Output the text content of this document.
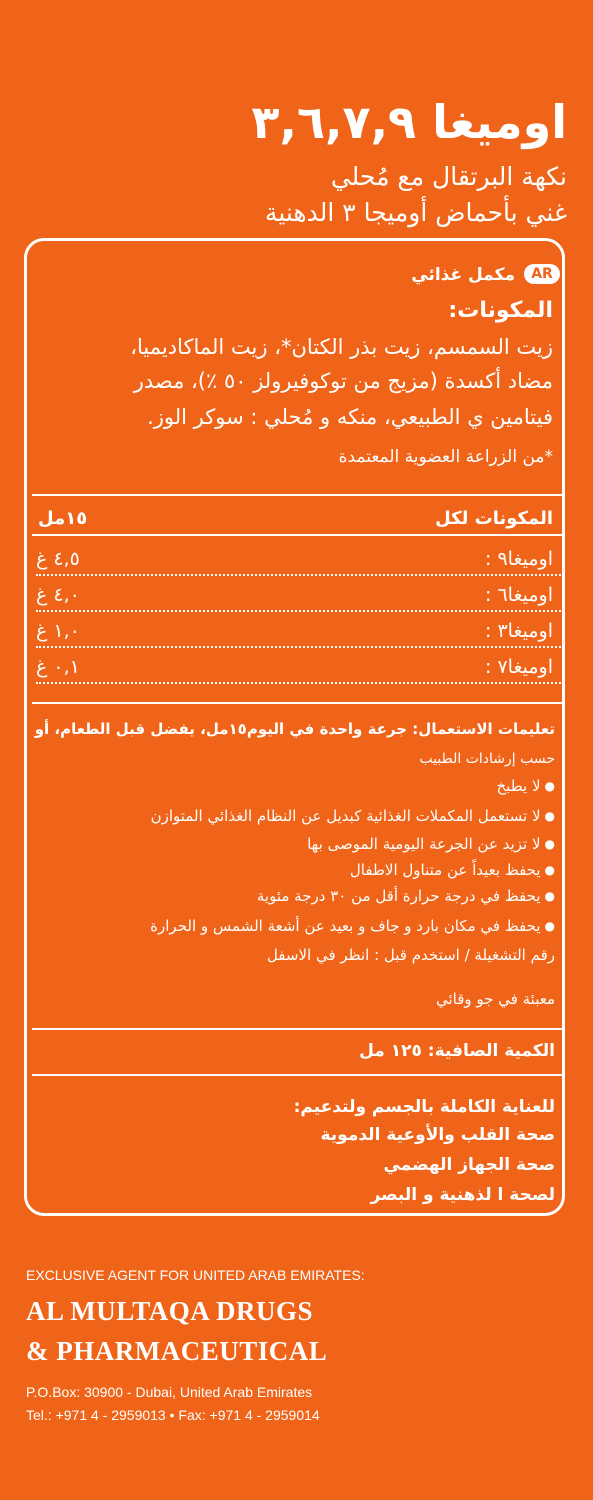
اوميغا ٣,٦,٧,٩
نكهة البرتقال مع مُحلي
غني بأحماض أوميجا ٣ الدهنية
AR
مكمل غذائي
المكونات:
زيت السمسم، زيت بذر الكتان*، زيت الماكاديميا،
مضاد أكسدة (مزيج من توكوفيرولز ٥٠ ٪)، مصدر
فيتامين ي الطبيعي، منكه و مُحلي : سوكر الوز.
*من الزراعة العضوية المعتمدة
المكونات لكل
١٥مل
اوميغا٩ :
٤,٥ غ
اوميغا٦ :
٤,٠ غ
اوميغا٣ :
١,٠ غ
اوميغا٧ :
٠,١ غ
تعليمات الاستعمال: جرعة واحدة في اليوم١٥مل، يفضل قبل الطعام، أو
حسب إرشادات الطبيب
●لا يطبخ
●لا تستعمل المكملات الغذائية كبديل عن النظام الغذائي المتوازن
●لا تزيد عن الجرعة اليومية الموصى بها
●يحفظ بعيداً عن متناول الاطفال
●يحفظ في درجة حرارة أقل من ٣٠ درجة مئوية
●يحفظ في مكان بارد و جاف و بعيد عن أشعة الشمس و الحرارة
رقم التشغيلة / استخدم قبل : انظر في الاسفل
معبئة في جو وقائي
الكمية الصافية: ١٢٥ مل
للعناية الكاملة بالجسم ولتدعيم:
صحة القلب والأوعية الدموية
صحة الجهاز الهضمي
لصحة ا لذهنية و البصر
EXCLUSIVE AGENT FOR UNITED ARAB EMIRATES:
AL MULTAQA DRUGS
& PHARMACEUTICAL
P.O.Box: 30900 - Dubai, United Arab Emirates
Tel.: +971 4 - 2959013 • Fax: +971 4 - 2959014
